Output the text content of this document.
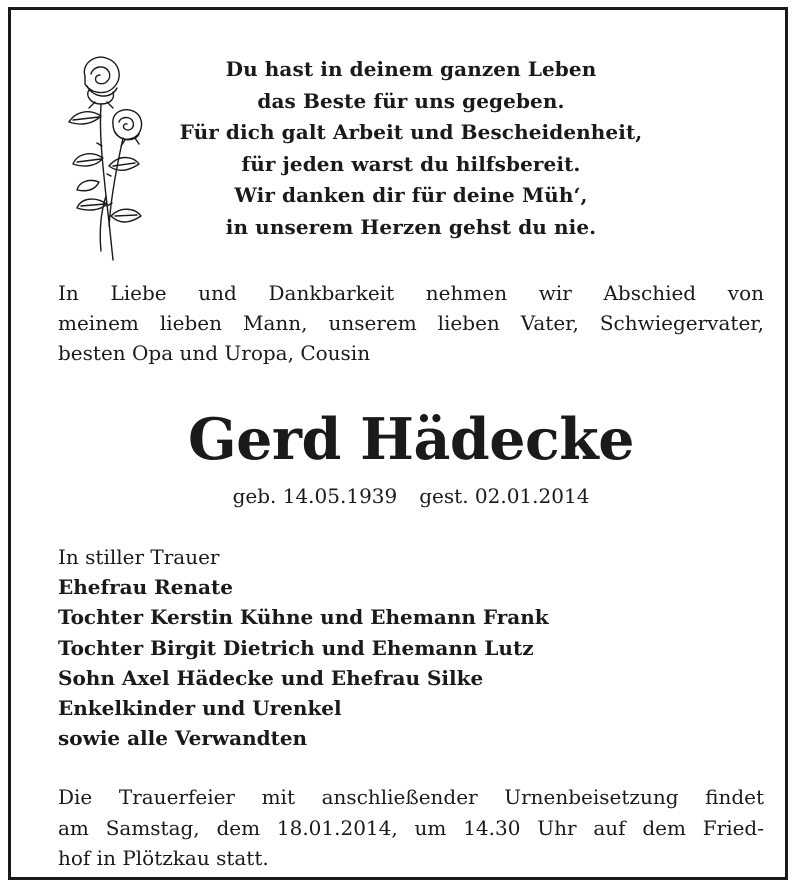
Du hast in deinem ganzen Leben
das Beste für uns gegeben.
Für dich galt Arbeit und Bescheidenheit,
für jeden warst du hilfsbereit.
Wir danken dir für deine Müh‘,
in unserem Herzen gehst du nie.
In Liebe und Dankbarkeit nehmen wir Abschied von
meinem lieben Mann, unserem lieben Vater, Schwiegervater,
besten Opa und Uropa, Cousin
Gerd Hädecke
geb. 14.05.1939 gest. 02.01.2014
In stiller Trauer
Ehefrau Renate
Tochter Kerstin Kühne und Ehemann Frank
Tochter Birgit Dietrich und Ehemann Lutz
Sohn Axel Hädecke und Ehefrau Silke
Enkelkinder und Urenkel
sowie alle Verwandten
Die Trauerfeier mit anschließender Urnenbeisetzung findet
am Samstag, dem 18.01.2014, um 14.30 Uhr auf dem Fried-
hof in Plötzkau statt.
